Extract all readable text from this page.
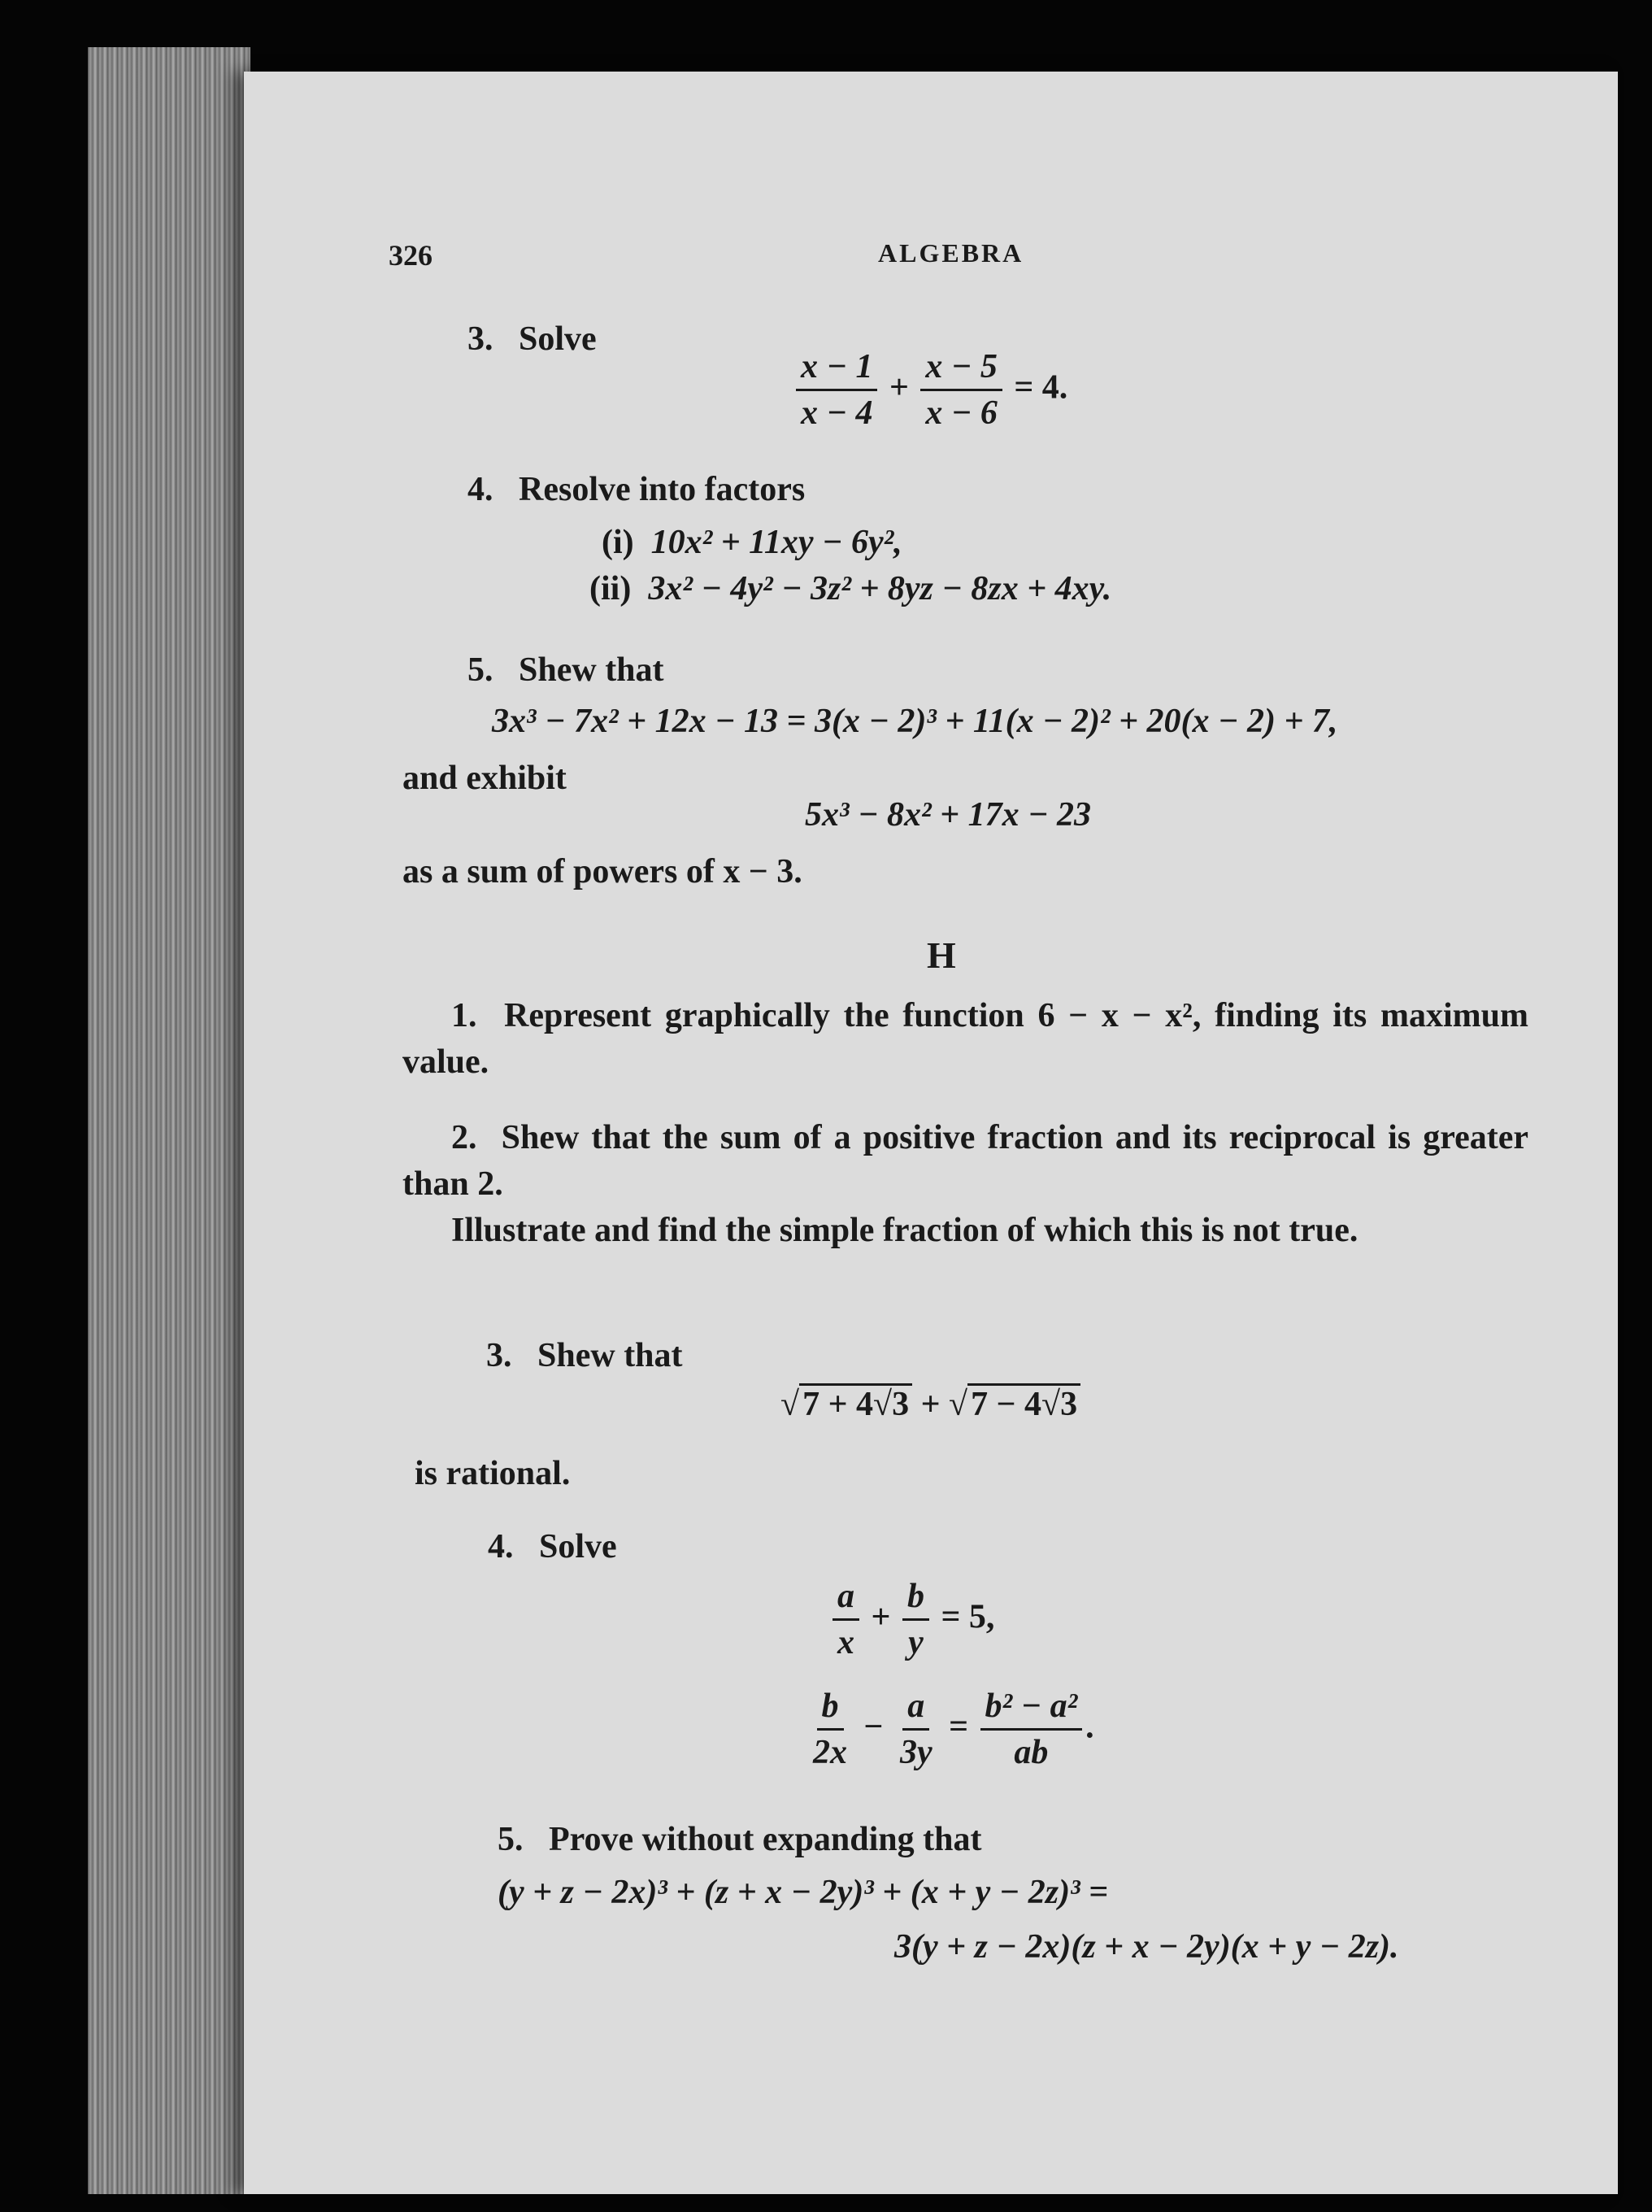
326	ALGEBRA
3. Solve
$\frac{x - 1}{x - 4} + \frac{x - 5}{x - 6} = 4$.
4. Resolve into factors
(i) 10x² + 11xy − 6y²,
(ii) 3x² − 4y² − 3z² + 8yz − 8zx + 4xy.
5. Shew that
3x³ − 7x² + 12x − 13 = 3(x − 2)³ + 11(x − 2)² + 20(x − 2) + 7,
and exhibit
5x³ − 8x² + 17x − 23
as a sum of powers of x − 3.
H
1. Represent graphically the function 6 − x − x², finding its maximum value.
2. Shew that the sum of a positive fraction and its reciprocal is greater than 2.
Illustrate and find the simple fraction of which this is not true.
3. Shew that
√7 + 4√3 + √7 − 4√3
is rational.
4. Solve
$\frac{a}{x} + \frac{b}{y} = 5$,
$\frac{b}{2x} - \frac{a}{3y} = \frac{\text{b² − a²}}{ab}$ .
5. Prove without expanding that
(y + z − 2x)³ + (z + x − 2y)³ + (x + y − 2z)³ =
3(y + z − 2x)(z + x − 2y)(x + y − 2z).
